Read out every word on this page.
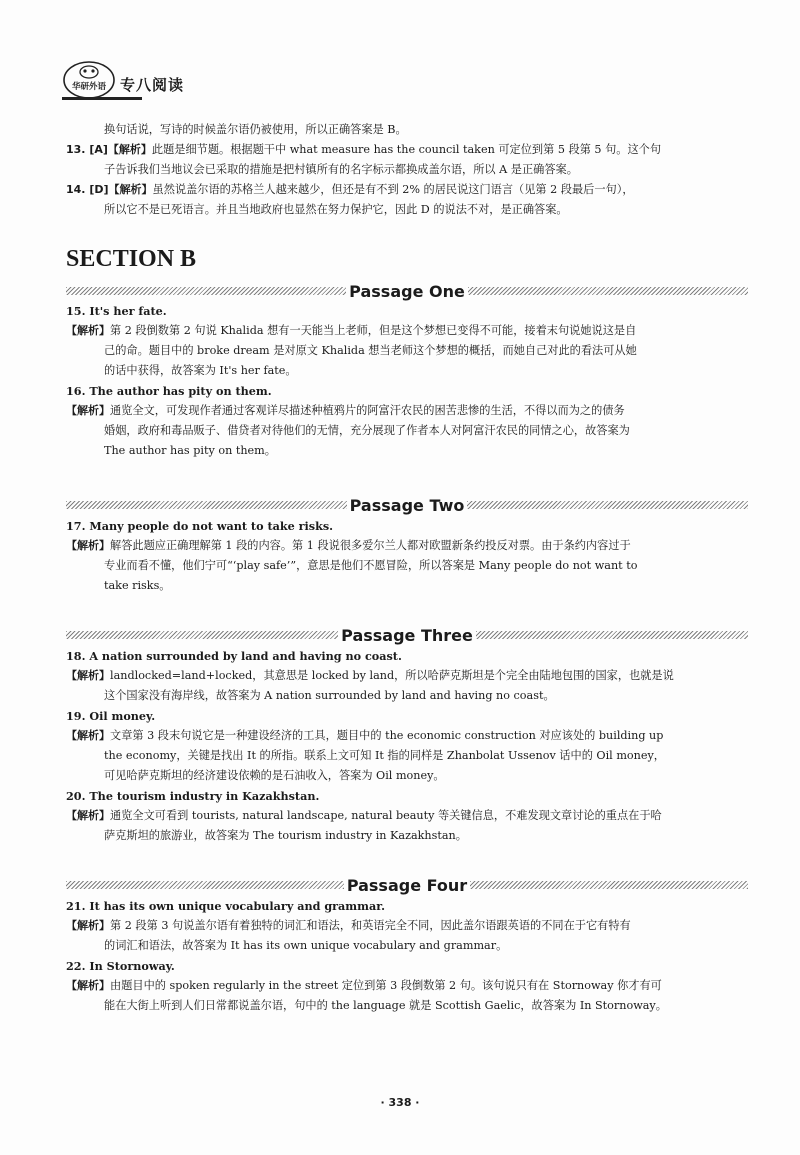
华研外语 专八阅读
换句话说，写诗的时候盖尔语仍被使用，所以正确答案是 B。
13. [A]【解析】此题是细节题。根据题干中 what measure has the council taken 可定位到第 5 段第 5 句。这个句
子告诉我们当地议会已采取的措施是把村镇所有的名字标示都换成盖尔语，所以 A 是正确答案。
14. [D]【解析】虽然说盖尔语的苏格兰人越来越少，但还是有不到 2% 的居民说这门语言（见第 2 段最后一句），
所以它不是已死语言。并且当地政府也显然在努力保护它，因此 D 的说法不对，是正确答案。
SECTION B
Passage One
15. It's her fate.
【解析】第 2 段倒数第 2 句说 Khalida 想有一天能当上老师，但是这个梦想已变得不可能，接着末句说她说这是自
己的命。题目中的 broke dream 是对原文 Khalida 想当老师这个梦想的概括，而她自己对此的看法可从她
的话中获得，故答案为 It's her fate。
16. The author has pity on them.
【解析】通览全文，可发现作者通过客观详尽描述种植鸦片的阿富汗农民的困苦悲惨的生活，不得以而为之的债务
婚姻，政府和毒品贩子、借贷者对待他们的无情，充分展现了作者本人对阿富汗农民的同情之心，故答案为
The author has pity on them。
Passage Two
17. Many people do not want to take risks.
【解析】解答此题应正确理解第 1 段的内容。第 1 段说很多爱尔兰人都对欧盟新条约投反对票。由于条约内容过于
专业而看不懂，他们宁可“‘play safe’”，意思是他们不愿冒险，所以答案是 Many people do not want to
take risks。
Passage Three
18. A nation surrounded by land and having no coast.
【解析】landlocked=land+locked，其意思是 locked by land，所以哈萨克斯坦是个完全由陆地包围的国家，也就是说
这个国家没有海岸线，故答案为 A nation surrounded by land and having no coast。
19. Oil money.
【解析】文章第 3 段末句说它是一种建设经济的工具，题目中的 the economic construction 对应该处的 building up
the economy，关键是找出 It 的所指。联系上文可知 It 指的同样是 Zhanbolat Ussenov 话中的 Oil money，
可见哈萨克斯坦的经济建设依赖的是石油收入，答案为 Oil money。
20. The tourism industry in Kazakhstan.
【解析】通览全文可看到 tourists, natural landscape, natural beauty 等关键信息，不难发现文章讨论的重点在于哈
萨克斯坦的旅游业，故答案为 The tourism industry in Kazakhstan。
Passage Four
21. It has its own unique vocabulary and grammar.
【解析】第 2 段第 3 句说盖尔语有着独特的词汇和语法，和英语完全不同，因此盖尔语跟英语的不同在于它有特有
的词汇和语法，故答案为 It has its own unique vocabulary and grammar。
22. In Stornoway.
【解析】由题目中的 spoken regularly in the street 定位到第 3 段倒数第 2 句。该句说只有在 Stornoway 你才有可
能在大街上听到人们日常都说盖尔语，句中的 the language 就是 Scottish Gaelic，故答案为 In Stornoway。
· 338 ·
